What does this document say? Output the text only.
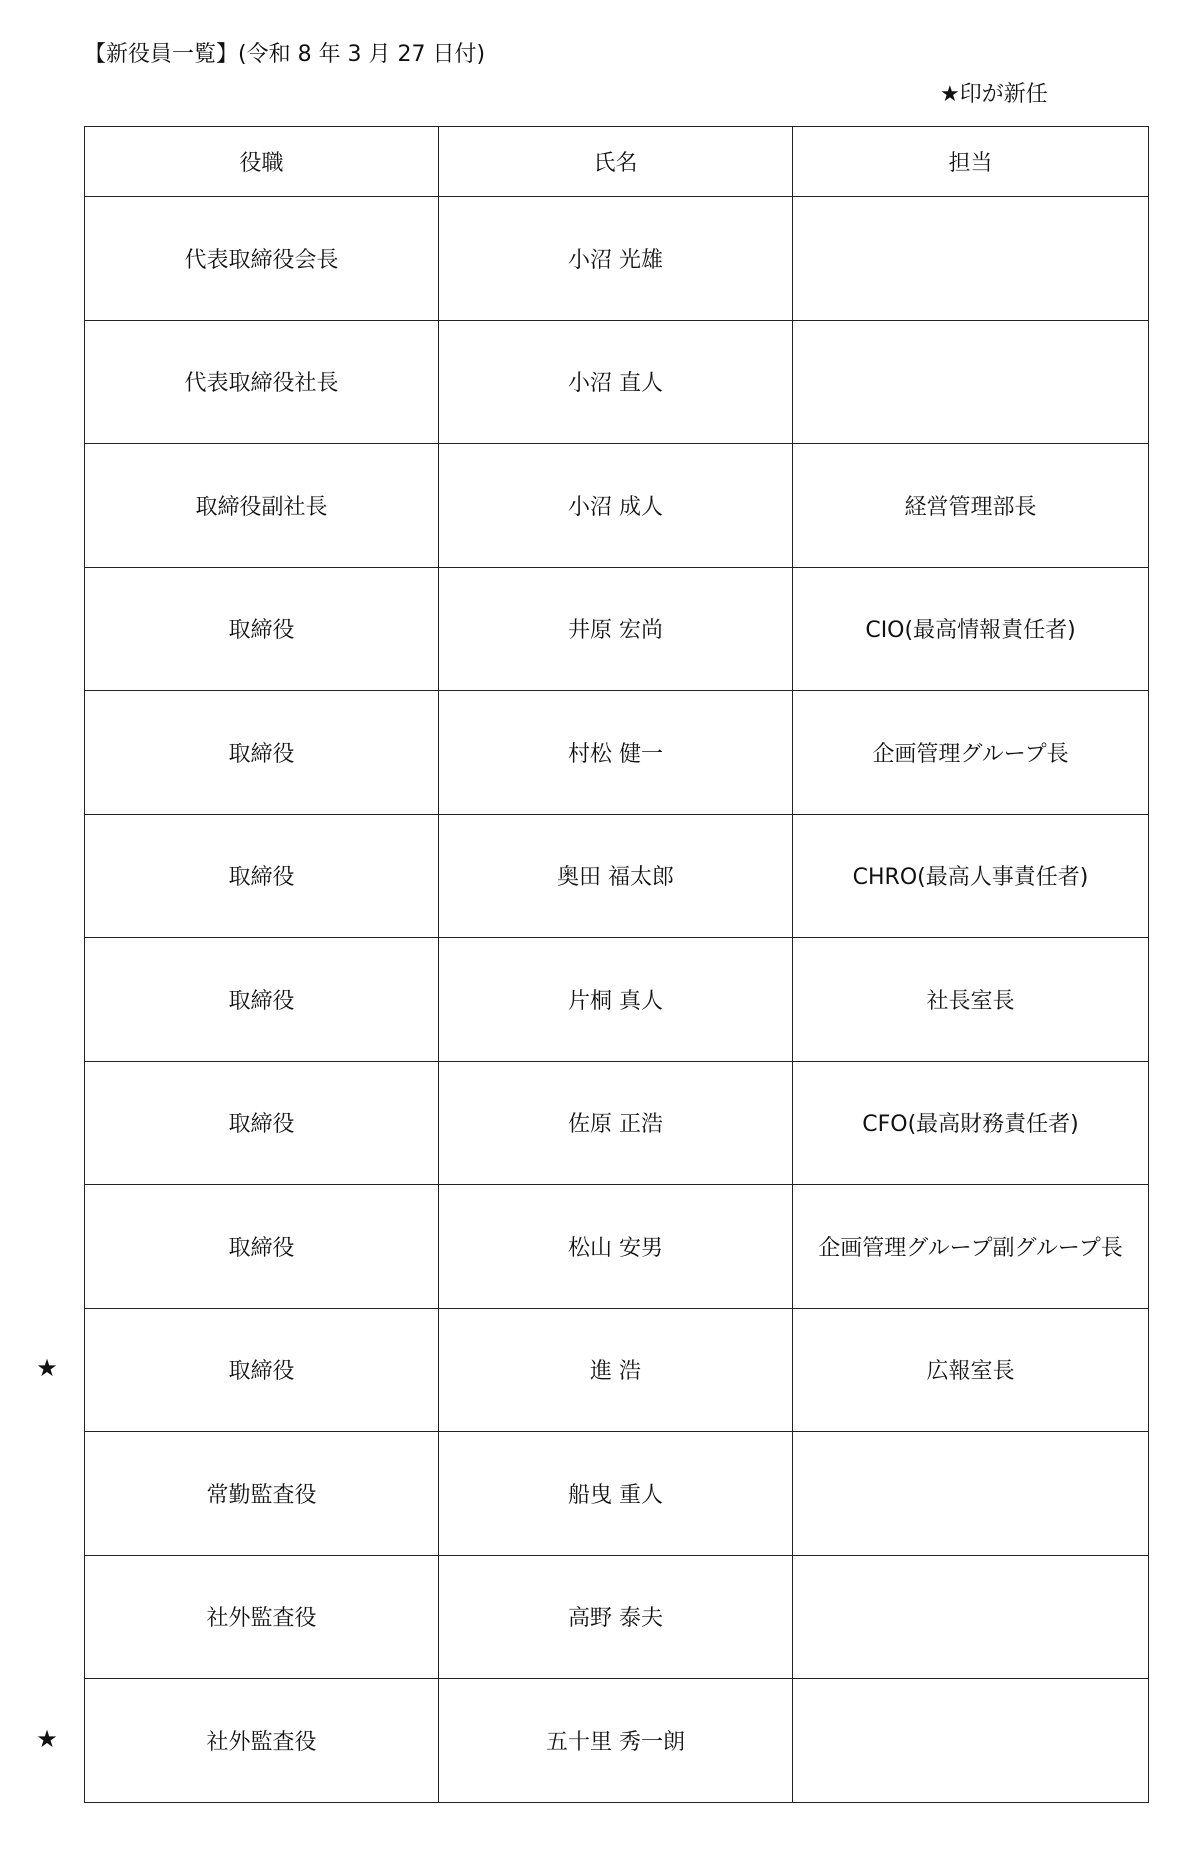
【新役員一覧】(令和 8 年 3 月 27 日付)
★印が新任
役職	氏名	担当
代表取締役会長	小沼 光雄	
代表取締役社長	小沼 直人	
取締役副社長	小沼 成人	経営管理部長
取締役	井原 宏尚	CIO(最高情報責任者)
取締役	村松 健一	企画管理グループ長
取締役	奥田 福太郎	CHRO(最高人事責任者)
取締役	片桐 真人	社長室長
取締役	佐原 正浩	CFO(最高財務責任者)
取締役	松山 安男	企画管理グループ副グループ長
取締役	進 浩	広報室長
常勤監査役	船曳 重人	
社外監査役	高野 泰夫	
社外監査役	五十里 秀一朗	
★
★
